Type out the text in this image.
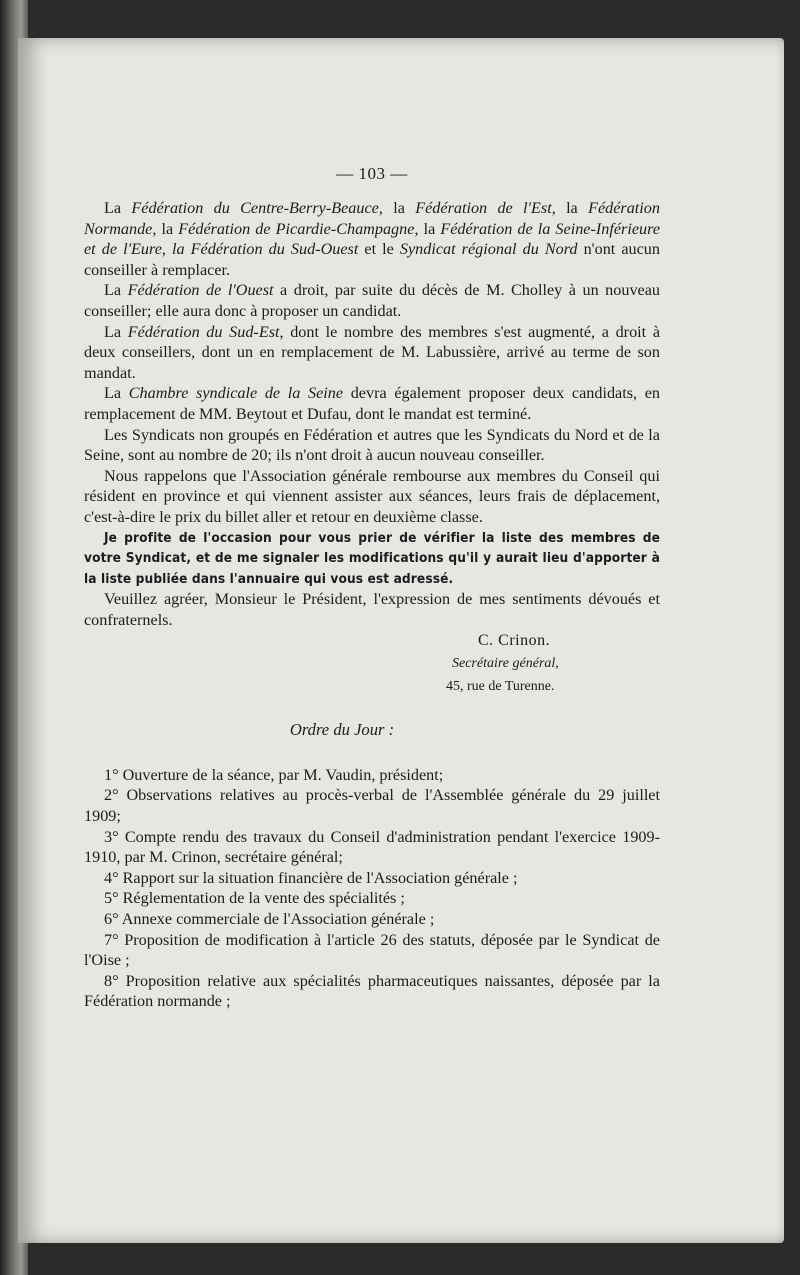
— 103 —

La Fédération du Centre-Berry-Beauce, la Fédération de l'Est, la Fédération Normande, la Fédération de Picardie-Champagne, la Fédération de la Seine-Inférieure et de l'Eure, la Fédération du Sud-Ouest et le Syndicat régional du Nord n'ont aucun conseiller à remplacer.

La Fédération de l'Ouest a droit, par suite du décès de M. Cholley à un nouveau conseiller; elle aura donc à proposer un candidat.

La Fédération du Sud-Est, dont le nombre des membres s'est augmenté, a droit à deux conseillers, dont un en remplacement de M. Labussière, arrivé au terme de son mandat.

La Chambre syndicale de la Seine devra également proposer deux candidats, en remplacement de MM. Beytout et Dufau, dont le mandat est terminé.

Les Syndicats non groupés en Fédération et autres que les Syndicats du Nord et de la Seine, sont au nombre de 20; ils n'ont droit à aucun nouveau conseiller.

Nous rappelons que l'Association générale rembourse aux membres du Conseil qui résident en province et qui viennent assister aux séances, leurs frais de déplacement, c'est-à-dire le prix du billet aller et retour en deuxième classe.

Je profite de l'occasion pour vous prier de vérifier la liste des membres de votre Syndicat, et de me signaler les modifications qu'il y aurait lieu d'apporter à la liste publiée dans l'annuaire qui vous est adressé.

Veuillez agréer, Monsieur le Président, l'expression de mes sentiments dévoués et confraternels.

C. Crinon.
Secrétaire général,
45, rue de Turenne.
Ordre du Jour :

1° Ouverture de la séance, par M. Vaudin, président;

2° Observations relatives au procès-verbal de l'Assemblée générale du 29 juillet 1909;

3° Compte rendu des travaux du Conseil d'administration pendant l'exercice 1909-1910, par M. Crinon, secrétaire général;

4° Rapport sur la situation financière de l'Association générale ;

5° Réglementation de la vente des spécialités ;

6° Annexe commerciale de l'Association générale ;

7° Proposition de modification à l'article 26 des statuts, déposée par le Syndicat de l'Oise ;

8° Proposition relative aux spécialités pharmaceutiques naissantes, déposée par la Fédération normande ;
